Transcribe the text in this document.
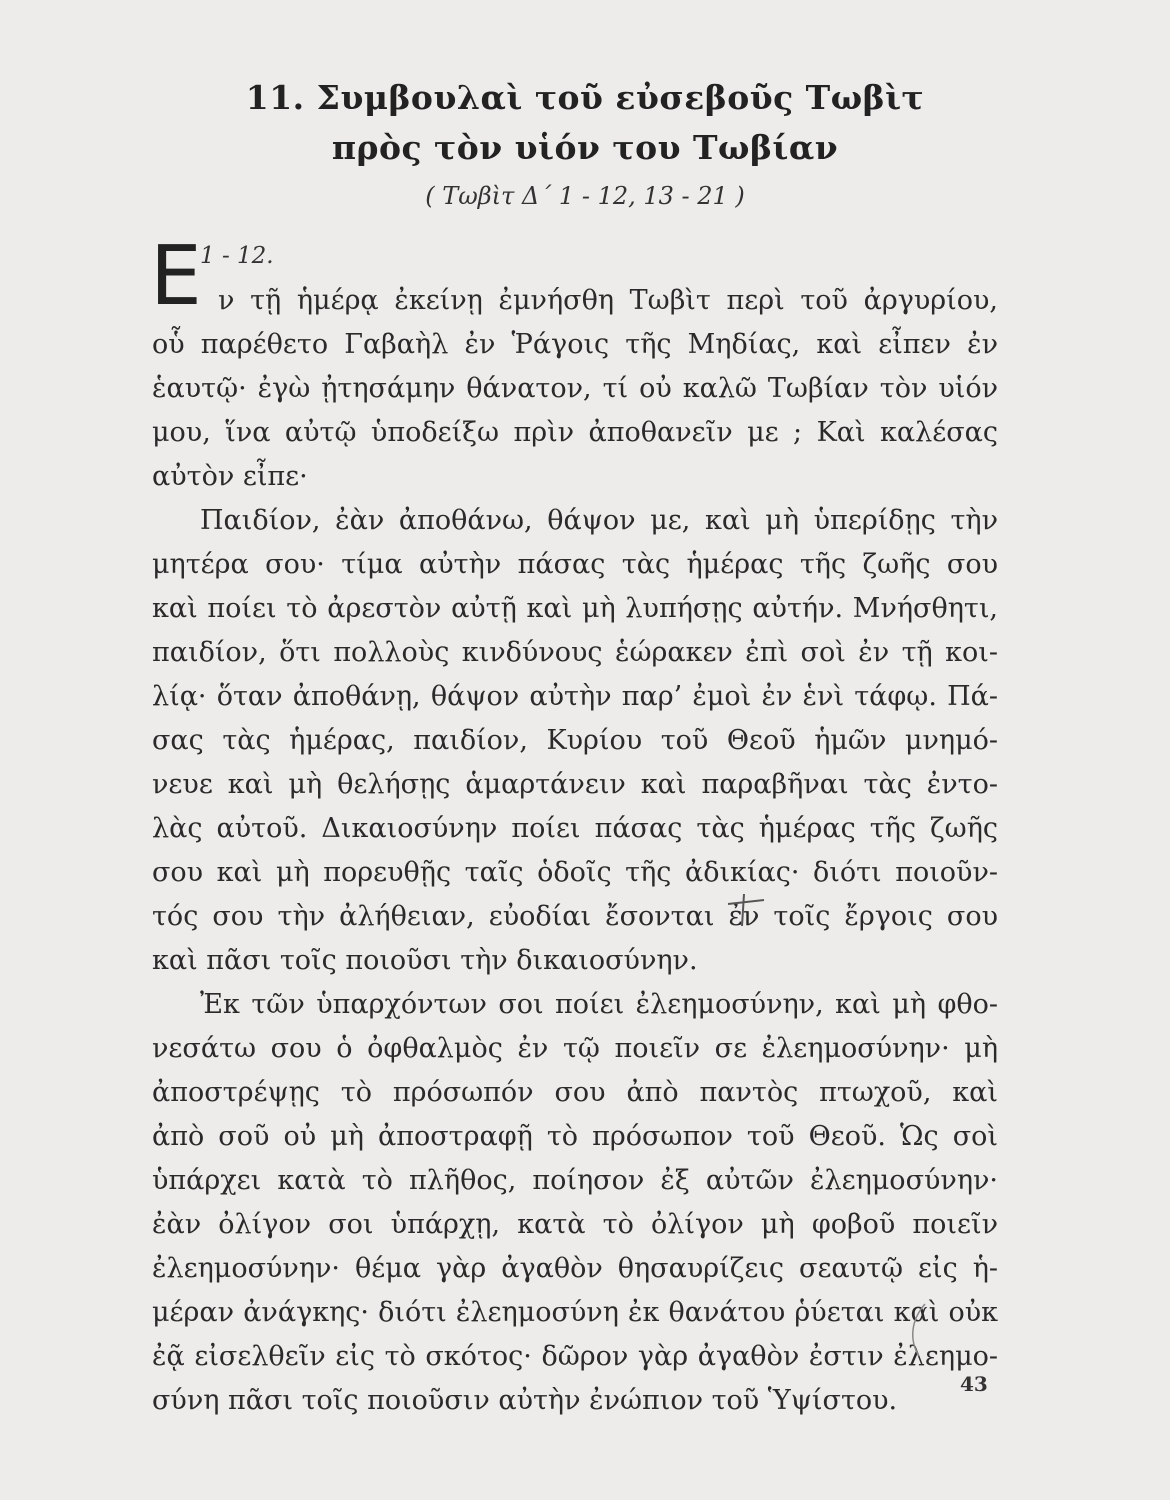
11. Συμβουλαὶ τοῦ εὐσεβοῦς Τωβὶτ
πρὸς τὸν υἱόν του Τωβίαν
( Τωβὶτ Δ΄ 1 - 12, 13 - 21 )
E
1 - 12.
ν τῇ ἡμέρᾳ ἐκείνῃ ἐμνήσθη Τωβὶτ περὶ τοῦ ἀργυρίου,
οὗ παρέθετο Γαβαὴλ ἐν Ῥάγοις τῆς Μηδίας, καὶ εἶπεν ἐν
ἑαυτῷ· ἐγὼ ᾐτησάμην θάνατον, τί οὐ καλῶ Τωβίαν τὸν υἱόν
μου, ἵνα αὐτῷ ὑποδείξω πρὶν ἀποθανεῖν με ; Καὶ καλέσας
αὐτὸν εἶπε·
Παιδίον, ἐὰν ἀποθάνω, θάψον με, καὶ μὴ ὑπερίδῃς τὴν
μητέρα σου· τίμα αὐτὴν πάσας τὰς ἡμέρας τῆς ζωῆς σου
καὶ ποίει τὸ ἀρεστὸν αὐτῇ καὶ μὴ λυπήσῃς αὐτήν. Μνήσθητι,
παιδίον, ὅτι πολλοὺς κινδύνους ἑώρακεν ἐπὶ σοὶ ἐν τῇ κοι-
λίᾳ· ὅταν ἀποθάνῃ, θάψον αὐτὴν παρ’ ἐμοὶ ἐν ἑνὶ τάφῳ. Πά-
σας τὰς ἡμέρας, παιδίον, Κυρίου τοῦ Θεοῦ ἡμῶν μνημό-
νευε καὶ μὴ θελήσῃς ἁμαρτάνειν καὶ παραβῆναι τὰς ἐντο-
λὰς αὐτοῦ. Δικαιοσύνην ποίει πάσας τὰς ἡμέρας τῆς ζωῆς
σου καὶ μὴ πορευθῇς ταῖς ὁδοῖς τῆς ἀδικίας· διότι ποιοῦν-
τός σου τὴν ἀλήθειαν, εὐοδίαι ἔσονται ἐν τοῖς ἔργοις σου
καὶ πᾶσι τοῖς ποιοῦσι τὴν δικαιοσύνην.
Ἐκ τῶν ὑπαρχόντων σοι ποίει ἐλεημοσύνην, καὶ μὴ φθο-
νεσάτω σου ὁ ὀφθαλμὸς ἐν τῷ ποιεῖν σε ἐλεημοσύνην· μὴ
ἀποστρέψῃς τὸ πρόσωπόν σου ἀπὸ παντὸς πτωχοῦ, καὶ
ἀπὸ σοῦ οὐ μὴ ἀποστραφῇ τὸ πρόσωπον τοῦ Θεοῦ. Ὡς σοὶ
ὑπάρχει κατὰ τὸ πλῆθος, ποίησον ἐξ αὐτῶν ἐλεημοσύνην·
ἐὰν ὀλίγον σοι ὑπάρχῃ, κατὰ τὸ ὀλίγον μὴ φοβοῦ ποιεῖν
ἐλεημοσύνην· θέμα γὰρ ἀγαθὸν θησαυρίζεις σεαυτῷ εἰς ἡ-
μέραν ἀνάγκης· διότι ἐλεημοσύνη ἐκ θανάτου ῥύεται καὶ οὐκ
ἐᾷ εἰσελθεῖν εἰς τὸ σκότος· δῶρον γὰρ ἀγαθὸν ἐστιν ἐλεημο-
σύνη πᾶσι τοῖς ποιοῦσιν αὐτὴν ἐνώπιον τοῦ Ὑψίστου.
43
